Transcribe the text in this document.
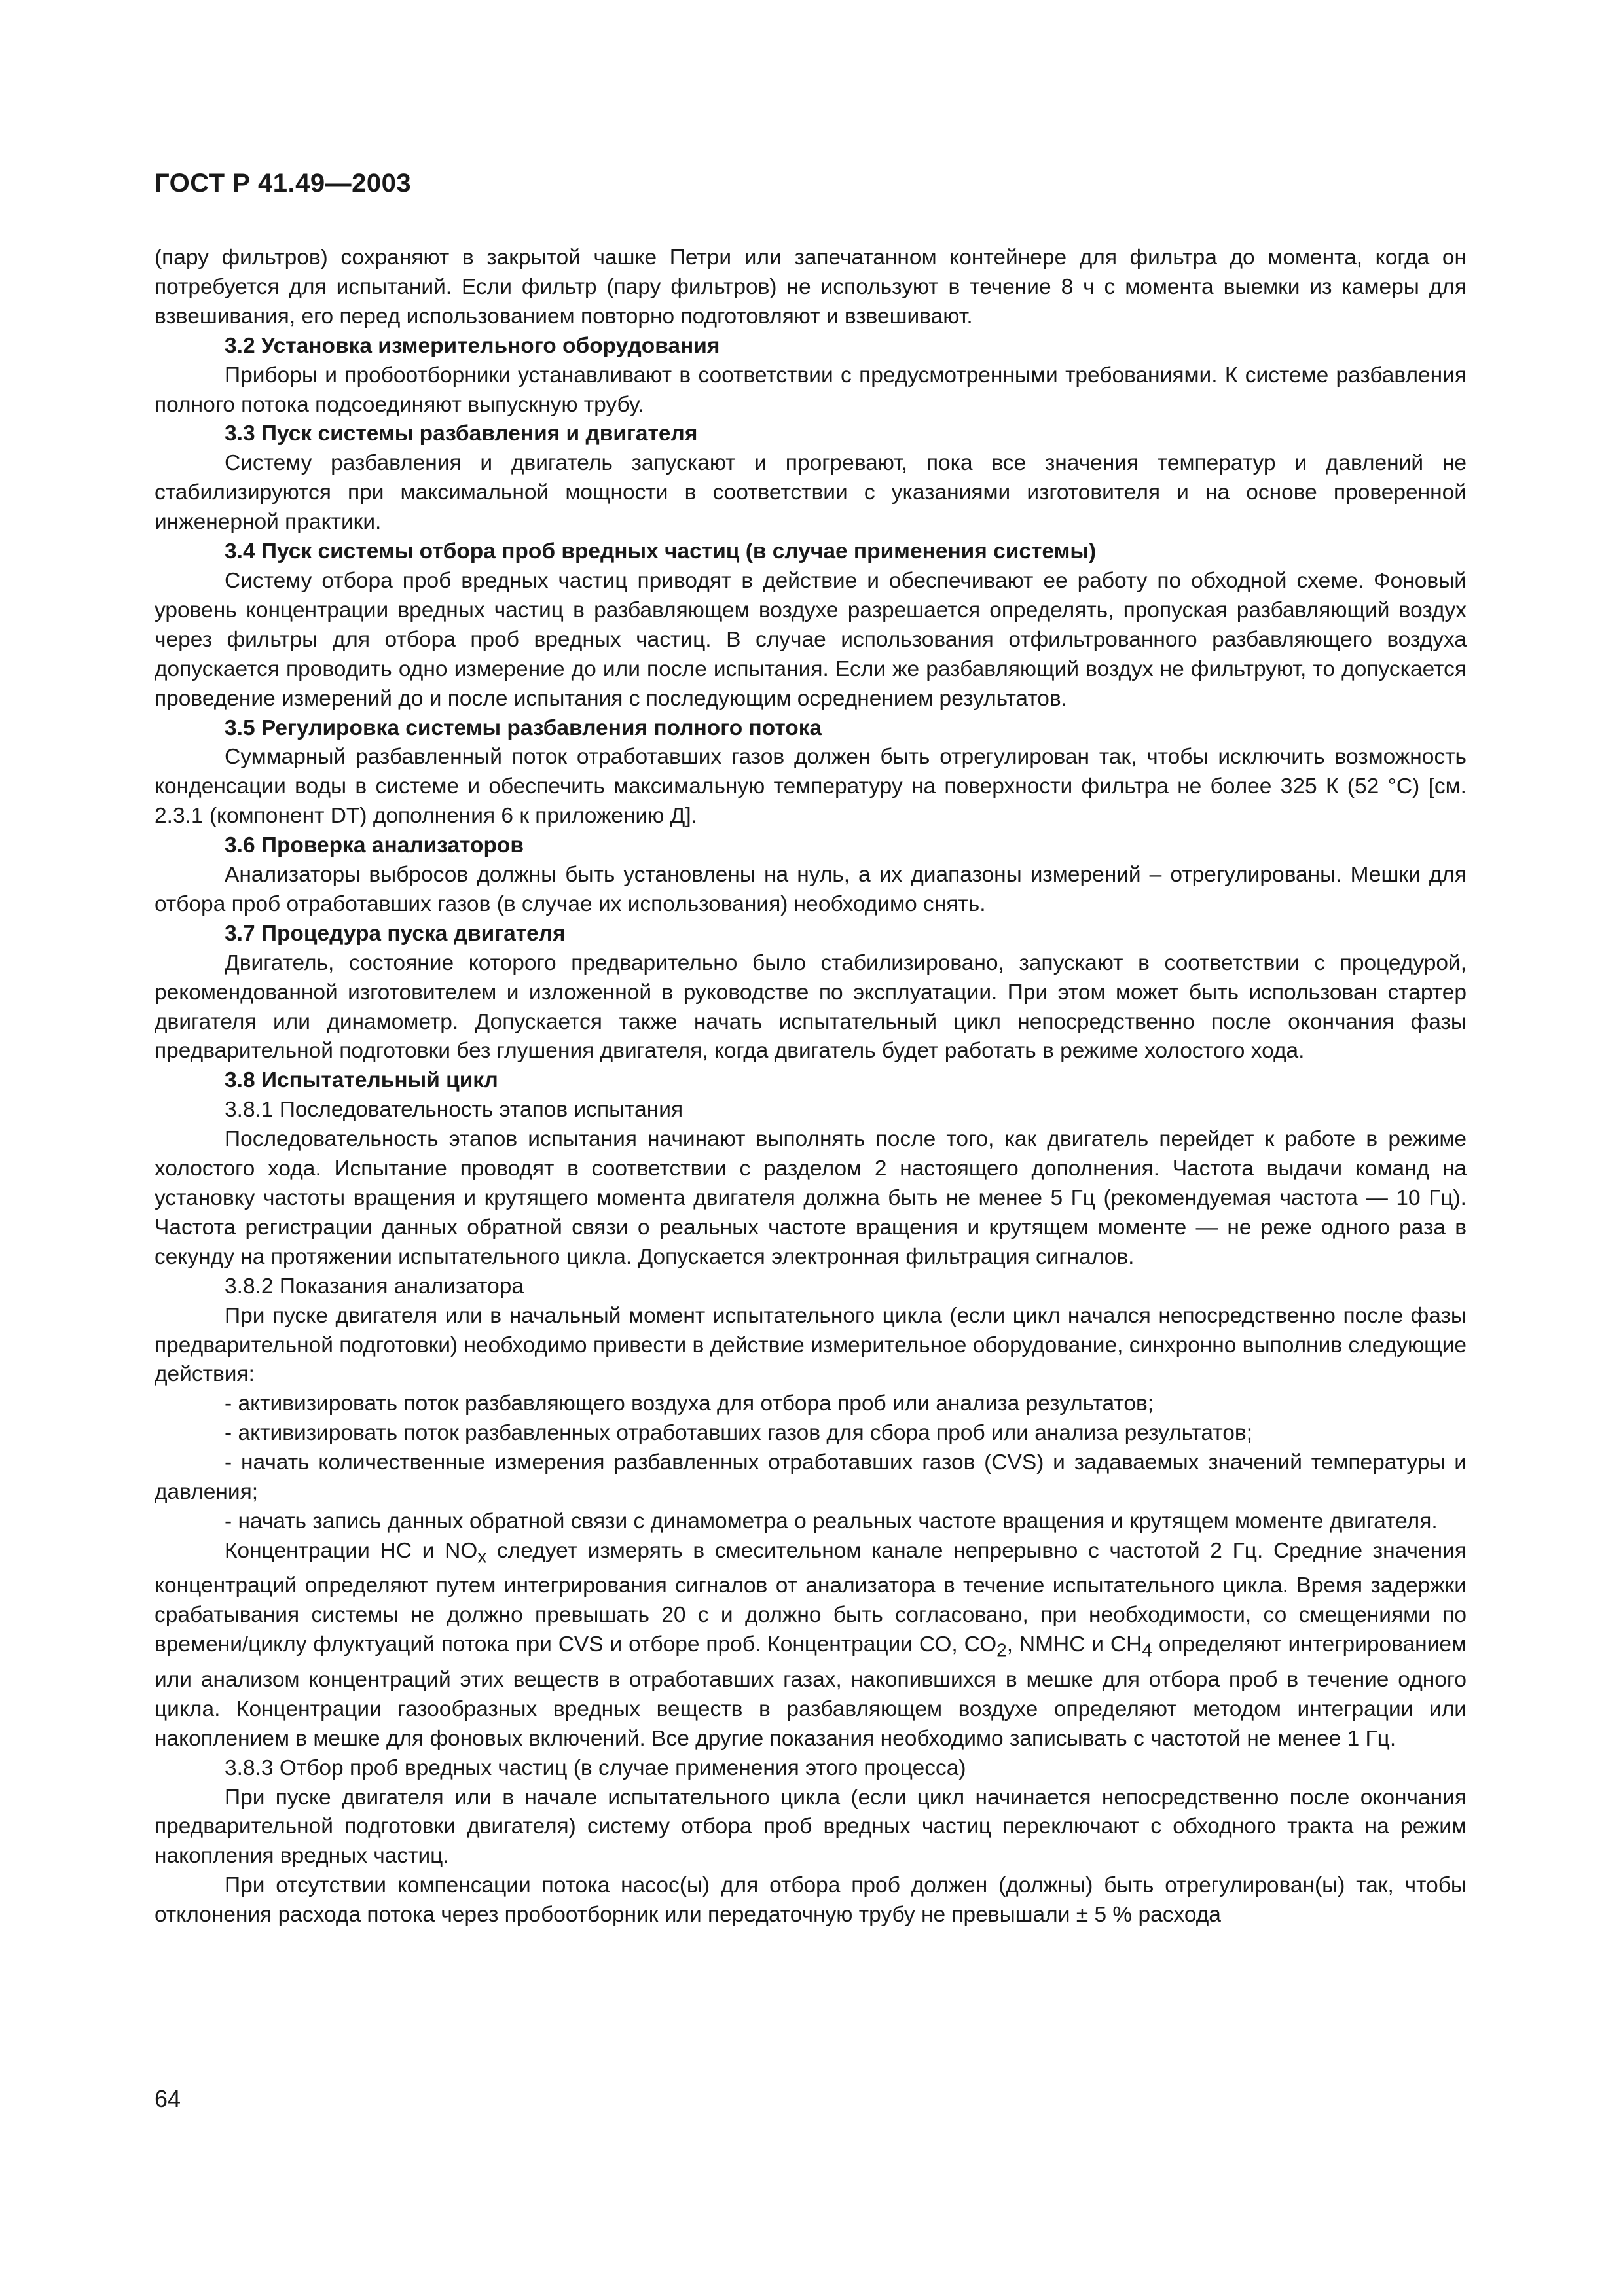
ГОСТ Р 41.49—2003

(пару фильтров) сохраняют в закрытой чашке Петри или запечатанном контейнере для фильтра до момента, когда он потребуется для испытаний. Если фильтр (пару фильтров) не используют в течение 8 ч с момента выемки из камеры для взвешивания, его перед использованием повторно подготовляют и взвешивают.

3.2 Установка измерительного оборудования

Приборы и пробоотборники устанавливают в соответствии с предусмотренными требованиями. К системе разбавления полного потока подсоединяют выпускную трубу.

3.3 Пуск системы разбавления и двигателя

Систему разбавления и двигатель запускают и прогревают, пока все значения температур и давлений не стабилизируются при максимальной мощности в соответствии с указаниями изготовителя и на основе проверенной инженерной практики.

3.4 Пуск системы отбора проб вредных частиц (в случае применения системы)

Систему отбора проб вредных частиц приводят в действие и обеспечивают ее работу по обходной схеме. Фоновый уровень концентрации вредных частиц в разбавляющем воздухе разрешается определять, пропуская разбавляющий воздух через фильтры для отбора проб вредных частиц. В случае использования отфильтрованного разбавляющего воздуха допускается проводить одно измерение до или после испытания. Если же разбавляющий воздух не фильтруют, то допускается проведение измерений до и после испытания с последующим осреднением результатов.

3.5 Регулировка системы разбавления полного потока

Суммарный разбавленный поток отработавших газов должен быть отрегулирован так, чтобы исключить возможность конденсации воды в системе и обеспечить максимальную температуру на поверхности фильтра не более 325 К (52 °С) [см. 2.3.1 (компонент DT) дополнения 6 к приложению Д].

3.6 Проверка анализаторов

Анализаторы выбросов должны быть установлены на нуль, а их диапазоны измерений – отрегулированы. Мешки для отбора проб отработавших газов (в случае их использования) необходимо снять.

3.7 Процедура пуска двигателя

Двигатель, состояние которого предварительно было стабилизировано, запускают в соответствии с процедурой, рекомендованной изготовителем и изложенной в руководстве по эксплуатации. При этом может быть использован стартер двигателя или динамометр. Допускается также начать испытательный цикл непосредственно после окончания фазы предварительной подготовки без глушения двигателя, когда двигатель будет работать в режиме холостого хода.

3.8 Испытательный цикл

3.8.1 Последовательность этапов испытания

Последовательность этапов испытания начинают выполнять после того, как двигатель перейдет к работе в режиме холостого хода. Испытание проводят в соответствии с разделом 2 настоящего дополнения. Частота выдачи команд на установку частоты вращения и крутящего момента двигателя должна быть не менее 5 Гц (рекомендуемая частота — 10 Гц). Частота регистрации данных обратной связи о реальных частоте вращения и крутящем моменте — не реже одного раза в секунду на протяжении испытательного цикла. Допускается электронная фильтрация сигналов.

3.8.2 Показания анализатора

При пуске двигателя или в начальный момент испытательного цикла (если цикл начался непосредственно после фазы предварительной подготовки) необходимо привести в действие измерительное оборудование, синхронно выполнив следующие действия:

- активизировать поток разбавляющего воздуха для отбора проб или анализа результатов;

- активизировать поток разбавленных отработавших газов для сбора проб или анализа результатов;

- начать количественные измерения разбавленных отработавших газов (CVS) и задаваемых значений температуры и давления;

- начать запись данных обратной связи с динамометра о реальных частоте вращения и крутящем моменте двигателя.

Концентрации НС и $NO_x$ следует измерять в смесительном канале непрерывно с частотой 2 Гц. Средние значения концентраций определяют путем интегрирования сигналов от анализатора в течение испытательного цикла. Время задержки срабатывания системы не должно превышать 20 с и должно быть согласовано, при необходимости, со смещениями по времени/циклу флуктуаций потока при CVS и отборе проб. Концентрации СО, $СО_2$, NMHC и $СН_4$ определяют интегрированием или анализом концентраций этих веществ в отработавших газах, накопившихся в мешке для отбора проб в течение одного цикла. Концентрации газообразных вредных веществ в разбавляющем воздухе определяют методом интеграции или накоплением в мешке для фоновых включений. Все другие показания необходимо записывать с частотой не менее 1 Гц.

3.8.3 Отбор проб вредных частиц (в случае применения этого процесса)

При пуске двигателя или в начале испытательного цикла (если цикл начинается непосредственно после окончания предварительной подготовки двигателя) систему отбора проб вредных частиц переключают с обходного тракта на режим накопления вредных частиц.

При отсутствии компенсации потока насос(ы) для отбора проб должен (должны) быть отрегулирован(ы) так, чтобы отклонения расхода потока через пробоотборник или передаточную трубу не превышали ± 5 % расхода

64
